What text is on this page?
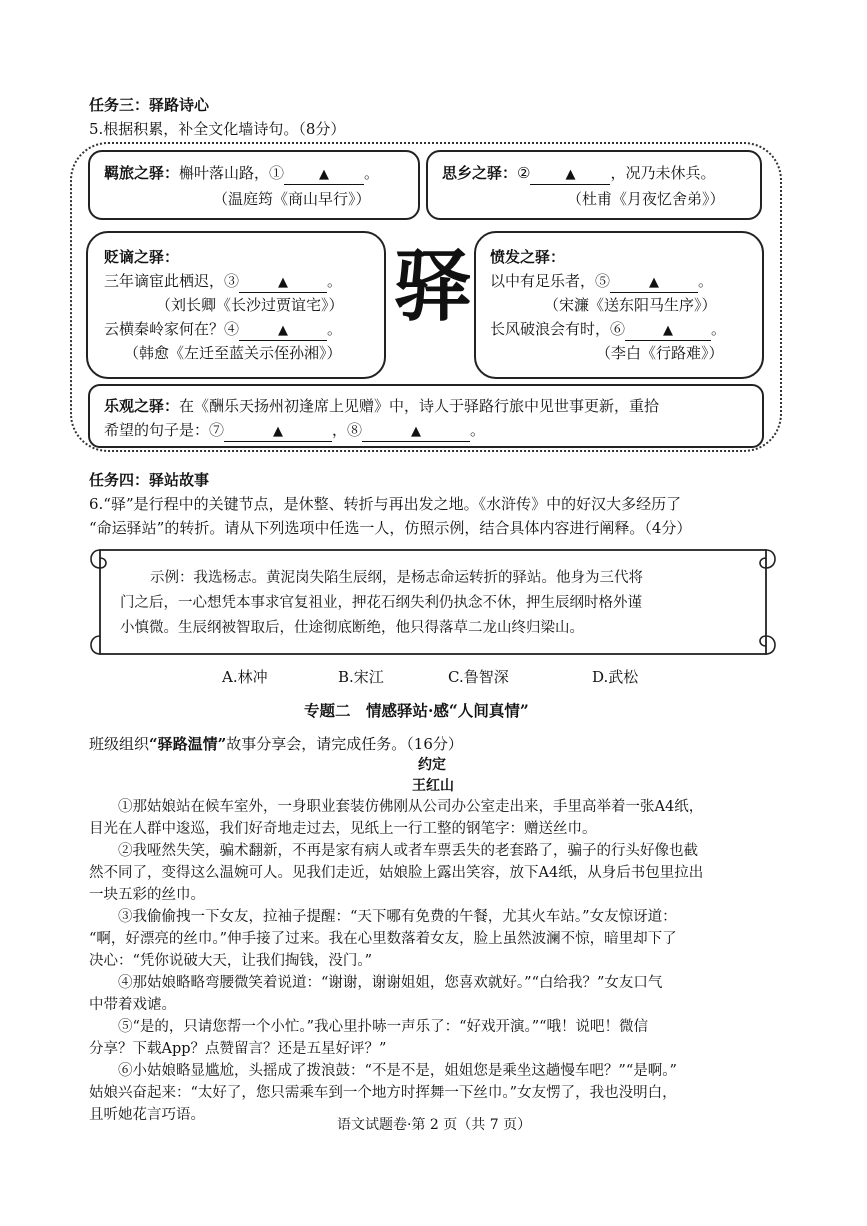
任务三：驿路诗心
5.根据积累，补全文化墙诗句。（8分）
羁旅之驿：槲叶落山路，①	▲ 。
（温庭筠《商山早行》）
思乡之驿：②	▲ ，况乃未休兵。
（杜甫《月夜忆舍弟》）
贬谪之驿：
三年谪宦此栖迟，③	▲	。
（刘长卿《长沙过贾谊宅》）
云横秦岭家何在？④	▲	。
（韩愈《左迁至蓝关示侄孙湘》）
驿 愤发之驿：
以中有足乐者，⑤	▲	。
（宋濂《送东阳马生序》）
长风破浪会有时，⑥	▲	。
（李白《行路难》）
乐观之驿：在《酬乐天扬州初逢席上见赠》中，诗人于驿路行旅中见世事更新，重拾
希望的句子是：⑦	▲	，⑧	▲	。
任务四：驿站故事
6.“驿”是行程中的关键节点，是休整、转折与再出发之地。《水浒传》中的好汉大多经历了
“命运驿站”的转折。请从下列选项中任选一人，仿照示例，结合具体内容进行阐释。（4分）
示例：我选杨志。黄泥岗失陷生辰纲，是杨志命运转折的驿站。他身为三代将
门之后，一心想凭本事求官复祖业，押花石纲失利仍执念不休，押生辰纲时格外谨
小慎微。生辰纲被智取后，仕途彻底断绝，他只得落草二龙山终归梁山。
A.林冲	B.宋江	C.鲁智深	D.武松
专题二　情感驿站·感“人间真情”
班级组织“驿路温情”故事分享会，请完成任务。（16分）
约定
王红山
①那姑娘站在候车室外，一身职业套装仿佛刚从公司办公室走出来，手里高举着一张A4纸，
目光在人群中逡巡，我们好奇地走过去，见纸上一行工整的钢笔字：赠送丝巾。
②我哑然失笑，骗术翻新，不再是家有病人或者车票丢失的老套路了，骗子的行头好像也截
然不同了，变得这么温婉可人。见我们走近，姑娘脸上露出笑容，放下A4纸，从身后书包里拉出
一块五彩的丝巾。
③我偷偷拽一下女友，拉袖子提醒：“天下哪有免费的午餐，尤其火车站。”女友惊讶道：
“啊，好漂亮的丝巾。”伸手接了过来。我在心里数落着女友，脸上虽然波澜不惊，暗里却下了
决心：“凭你说破大天，让我们掏钱，没门。”
④那姑娘略略弯腰微笑着说道：“谢谢，谢谢姐姐，您喜欢就好。”“白给我？”女友口气
中带着戏谑。
⑤“是的，只请您帮一个小忙。”我心里扑哧一声乐了：“好戏开演。”“哦！说吧！微信
分享？下载App？点赞留言？还是五星好评？”
⑥小姑娘略显尴尬，头摇成了拨浪鼓：“不是不是，姐姐您是乘坐这趟慢车吧？”“是啊。”
姑娘兴奋起来：“太好了，您只需乘车到一个地方时挥舞一下丝巾。”女友愣了，我也没明白，
且听她花言巧语。
语文试题卷·第 2 页（共 7 页）
